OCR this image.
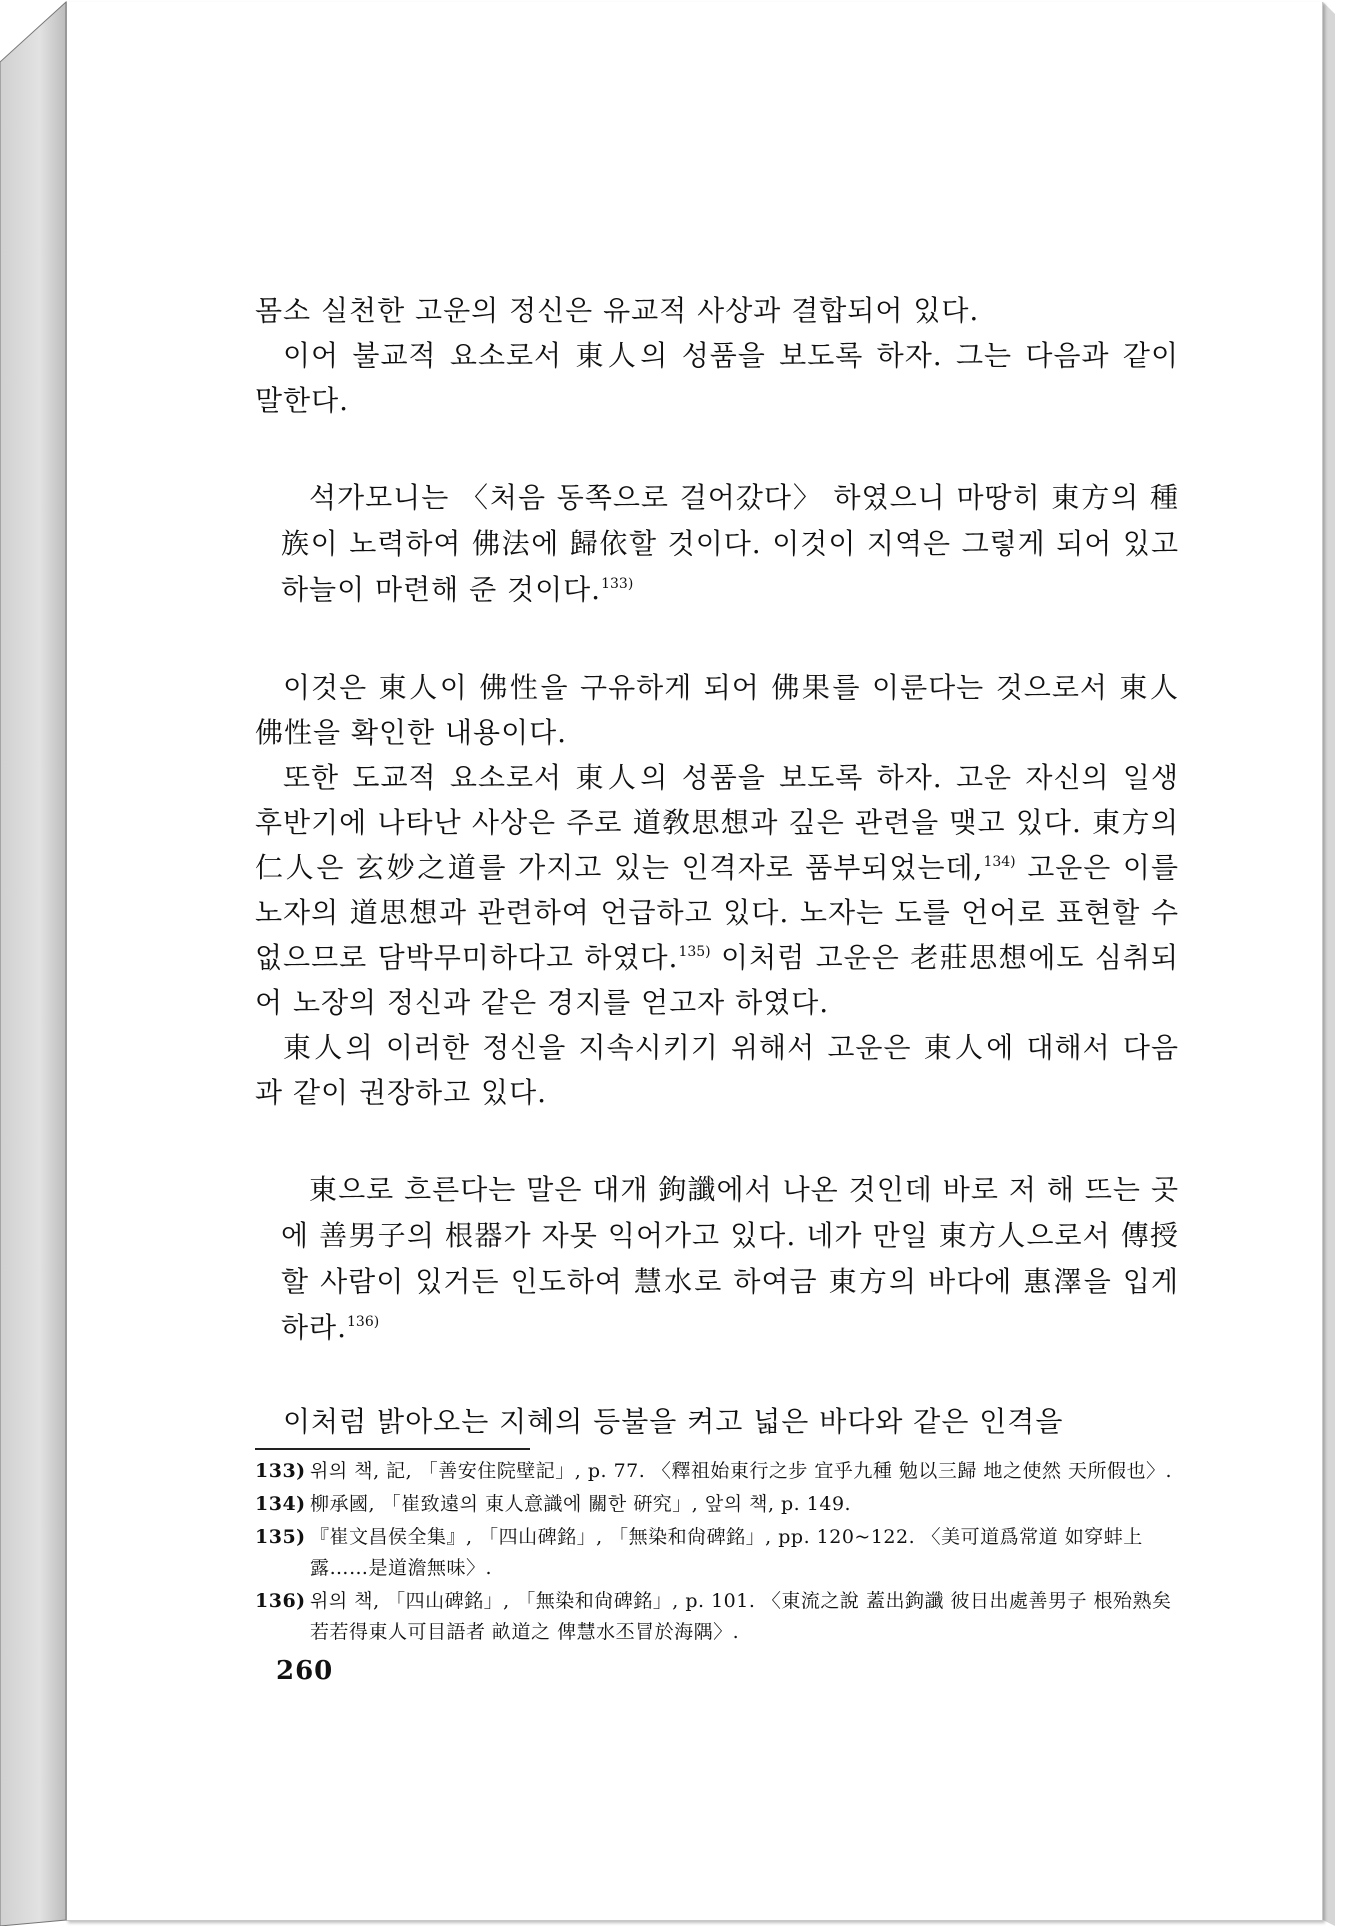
몸소 실천한 고운의 정신은 유교적 사상과 결합되어 있다.

이어 불교적 요소로서 東人의 성품을 보도록 하자. 그는 다음과 같이 말한다.

석가모니는 〈처음 동쪽으로 걸어갔다〉 하였으니 마땅히 東方의 種族이 노력하여 佛法에 歸依할 것이다. 이것이 지역은 그렇게 되어 있고 하늘이 마련해 준 것이다.$^{133)}$

이것은 東人이 佛性을 구유하게 되어 佛果를 이룬다는 것으로서 東人佛性을 확인한 내용이다.

또한 도교적 요소로서 東人의 성품을 보도록 하자. 고운 자신의 일생 후반기에 나타난 사상은 주로 道敎思想과 깊은 관련을 맺고 있다. 東方의 仁人은 玄妙之道를 가지고 있는 인격자로 품부되었는데,$^{134)}$ 고운은 이를 노자의 道思想과 관련하여 언급하고 있다. 노자는 도를 언어로 표현할 수 없으므로 담박무미하다고 하였다.$^{135)}$ 이처럼 고운은 老莊思想에도 심취되어 노장의 정신과 같은 경지를 얻고자 하였다.

東人의 이러한 정신을 지속시키기 위해서 고운은 東人에 대해서 다음과 같이 권장하고 있다.

東으로 흐른다는 말은 대개 鉤讖에서 나온 것인데 바로 저 해 뜨는 곳에 善男子의 根器가 자못 익어가고 있다. 네가 만일 東方人으로서 傳授할 사람이 있거든 인도하여 慧水로 하여금 東方의 바다에 惠澤을 입게 하라.$^{136)}$

이처럼 밝아오는 지혜의 등불을 켜고 넓은 바다와 같은 인격을

133) 위의 책, 記, 「善安住院壁記」, p. 77. 〈釋祖始東行之步 宜乎九種 勉以三歸 地之使然 天所假也〉.
134) 柳承國, 「崔致遠의 東人意識에 關한 硏究」, 앞의 책, p. 149.
135) 『崔文昌侯全集』, 「四山碑銘」, 「無染和尙碑銘」, pp. 120~122. 〈美可道爲常道 如穿蚌上露……是道澹無味〉.
136) 위의 책, 「四山碑銘」, 「無染和尙碑銘」, p. 101. 〈東流之說 蓋出鉤讖 彼日出處善男子 根殆熟矣 若若得東人可目語者 畝道之 俾慧水丕冒於海隅〉.
260
